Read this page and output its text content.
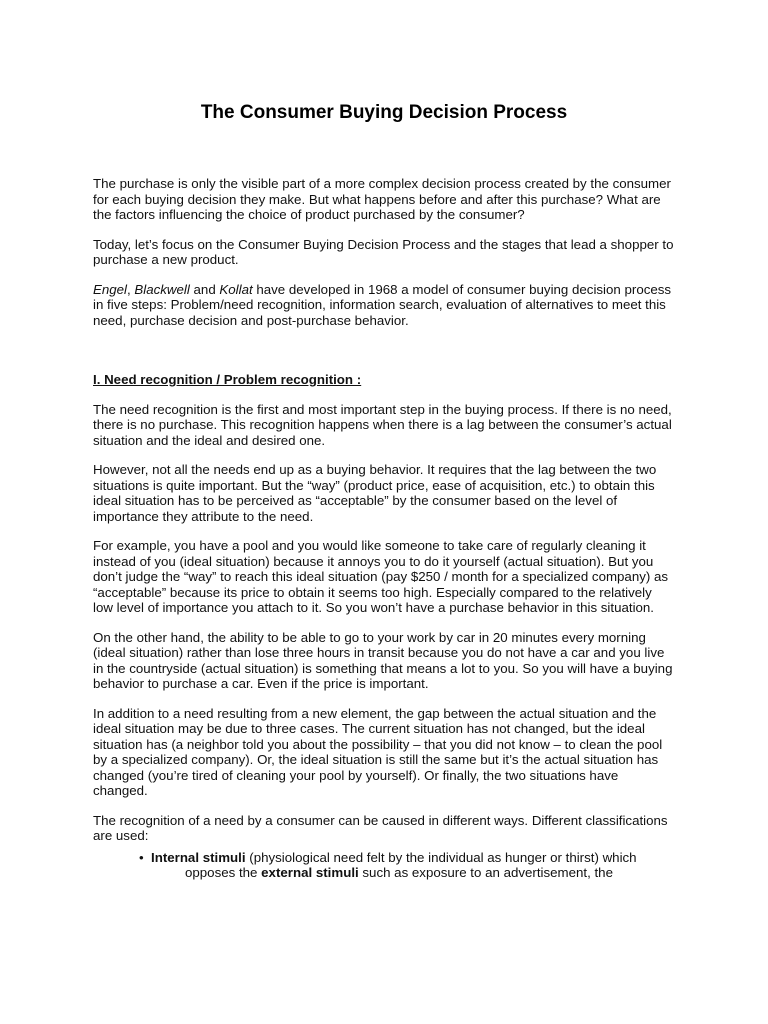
The Consumer Buying Decision Process

The purchase is only the visible part of a more complex decision process created by the consumer for each buying decision they make. But what happens before and after this purchase? What are the factors influencing the choice of product purchased by the consumer?

Today, let’s focus on the Consumer Buying Decision Process and the stages that lead a shopper to purchase a new product.

Engel, Blackwell and Kollat have developed in 1968 a model of consumer buying decision process in five steps: Problem/need recognition, information search, evaluation of alternatives to meet this need, purchase decision and post-purchase behavior.

I. Need recognition / Problem recognition :

The need recognition is the first and most important step in the buying process. If there is no need, there is no purchase. This recognition happens when there is a lag between the consumer’s actual situation and the ideal and desired one.

However, not all the needs end up as a buying behavior. It requires that the lag between the two situations is quite important. But the “way” (product price, ease of acquisition, etc.) to obtain this ideal situation has to be perceived as “acceptable” by the consumer based on the level of importance they attribute to the need.

For example, you have a pool and you would like someone to take care of regularly cleaning it instead of you (ideal situation) because it annoys you to do it yourself (actual situation). But you don’t judge the “way” to reach this ideal situation (pay $250 / month for a specialized company) as “acceptable” because its price to obtain it seems too high. Especially compared to the relatively low level of importance you attach to it. So you won’t have a purchase behavior in this situation.

On the other hand, the ability to be able to go to your work by car in 20 minutes every morning (ideal situation) rather than lose three hours in transit because you do not have a car and you live in the countryside (actual situation) is something that means a lot to you. So you will have a buying behavior to purchase a car. Even if the price is important.

In addition to a need resulting from a new element, the gap between the actual situation and the ideal situation may be due to three cases. The current situation has not changed, but the ideal situation has (a neighbor told you about the possibility – that you did not know – to clean the pool by a specialized company). Or, the ideal situation is still the same but it’s the actual situation has changed (you’re tired of cleaning your pool by yourself). Or finally, the two situations have changed.

The recognition of a need by a consumer can be caused in different ways. Different classifications are used:

• Internal stimuli (physiological need felt by the individual as hunger or thirst) which
opposes the external stimuli such as exposure to an advertisement, the
